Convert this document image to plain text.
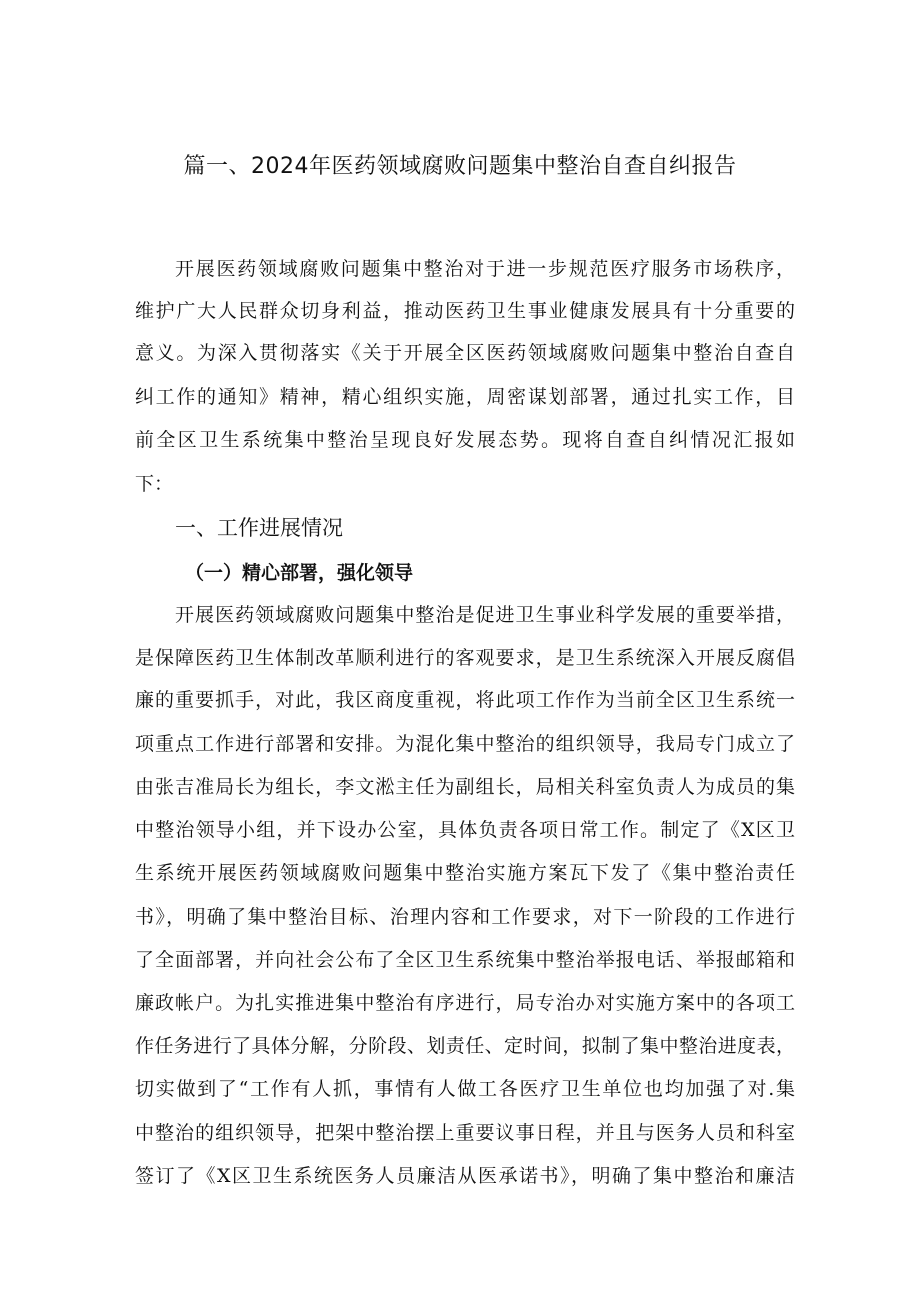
篇一、2024年医药领域腐败问题集中整治自查自纠报告

开展医药领域腐败问题集中整治对于进一步规范医疗服务市场秩序，

维护广大人民群众切身利益，推动医药卫生事业健康发展具有十分重要的

意义。为深入贯彻落实《关于开展全区医药领域腐败问题集中整治自查自

纠工作的通知》精神，精心组织实施，周密谋划部署，通过扎实工作，目

前全区卫生系统集中整治呈现良好发展态势。现将自查自纠情况汇报如

下：

一、工作进展情况
（一）精心部署，强化领导

开展医药领域腐败问题集中整治是促进卫生事业科学发展的重要举措，

是保障医药卫生体制改革顺利进行的客观要求，是卫生系统深入开展反腐倡

廉的重要抓手，对此，我区商度重视，将此项工作作为当前全区卫生系统一

项重点工作进行部署和安排。为混化集中整治的组织领导，我局专门成立了

由张吉准局长为组长，李文淞主任为副组长，局相关科室负责人为成员的集

中整治领导小组，并下设办公室，具体负责各项日常工作。制定了《X区卫

生系统开展医药领域腐败问题集中整治实施方案瓦下发了《集中整治责任

书》，明确了集中整治目标、治理内容和工作要求，对下一阶段的工作进行

了全面部署，并向社会公布了全区卫生系统集中整治举报电话、举报邮箱和

廉政帐户。为扎实推进集中整治有序进行，局专治办对实施方案中的各项工

作任务进行了具体分解，分阶段、划责任、定时间，拟制了集中整治进度表，

切实做到了“工作有人抓，事情有人做工各医疗卫生单位也均加强了对.集

中整治的组织领导，把架中整治摆上重要议事日程，并且与医务人员和科室

签订了《X区卫生系统医务人员廉洁从医承诺书》，明确了集中整治和廉洁
